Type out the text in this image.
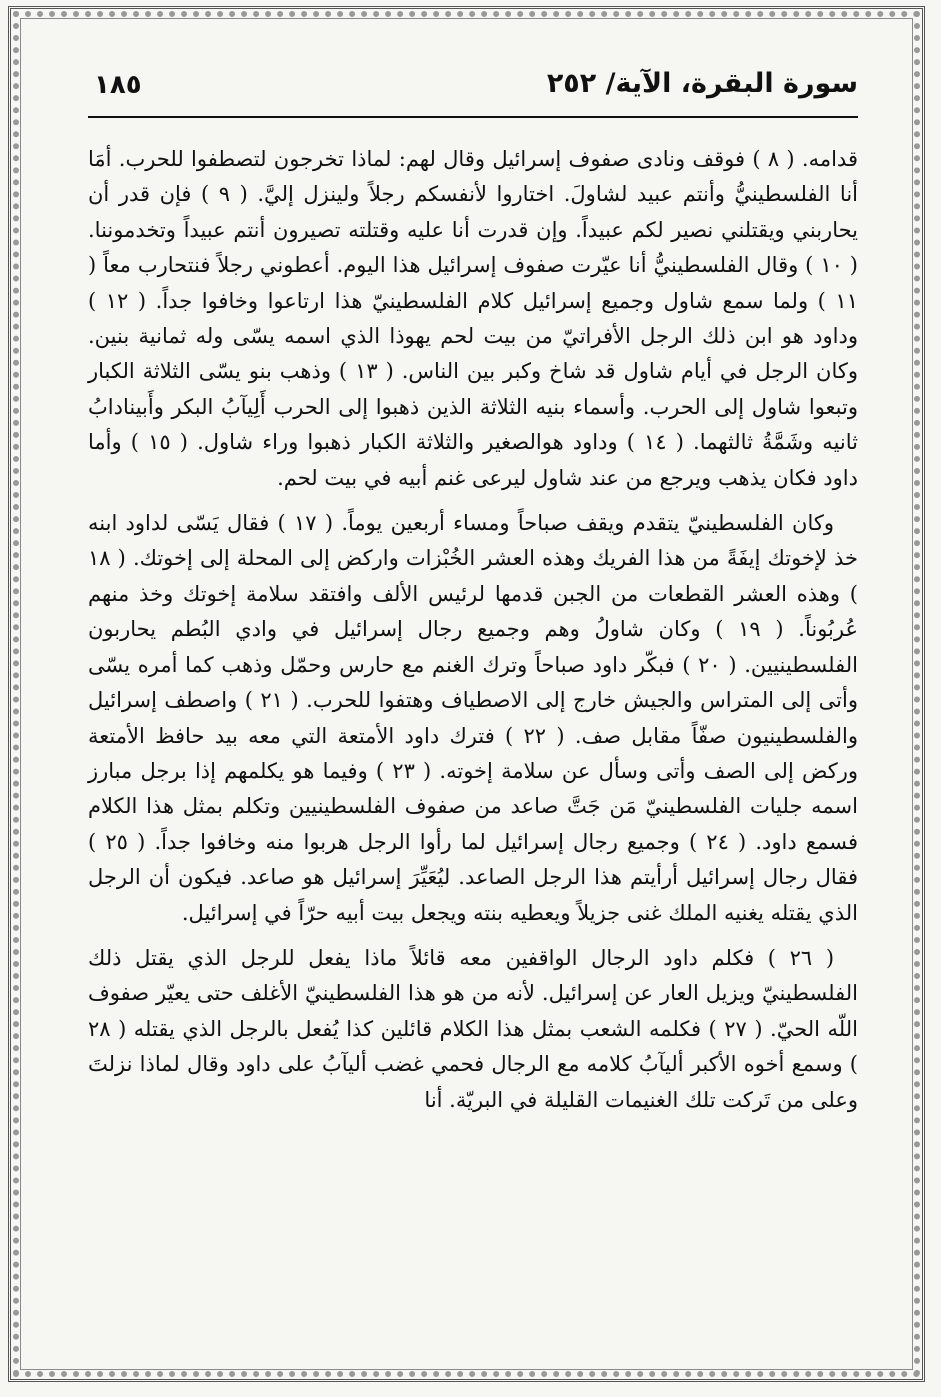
١٨٥	سورة البقرة، الآية/ ٢٥٢

قدامه. ( ٨ ) فوقف ونادى صفوف إسرائيل وقال لهم: لماذا تخرجون لتصطفوا للحرب. أمَا أنا الفلسطينيُّ وأنتم عبيد لشاولَ. اختاروا لأنفسكم رجلاً ولينزل إليَّ. ( ٩ ) فإن قدر أن يحاربني ويقتلني نصير لكم عبيداً. وإن قدرت أنا عليه وقتلته تصيرون أنتم عبيداً وتخدموننا. ( ١٠ ) وقال الفلسطينيُّ أنا عيّرت صفوف إسرائيل هذا اليوم. أعطوني رجلاً فنتحارب معاً ( ١١ ) ولما سمع شاول وجميع إسرائيل كلام الفلسطينيّ هذا ارتاعوا وخافوا جداً. ( ١٢ ) وداود هو ابن ذلك الرجل الأفراتيّ من بيت لحم يهوذا الذي اسمه يسّى وله ثمانية بنين. وكان الرجل في أيام شاول قد شاخ وكبر بين الناس. ( ١٣ ) وذهب بنو يسّى الثلاثة الكبار وتبعوا شاول إلى الحرب. وأسماء بنيه الثلاثة الذين ذهبوا إلى الحرب أَلِيآبُ البكر وأَبينادابُ ثانيه وشَمَّةُ ثالثهما. ( ١٤ ) وداود هوالصغير والثلاثة الكبار ذهبوا وراء شاول. ( ١٥ ) وأما داود فكان يذهب ويرجع من عند شاول ليرعى غنم أبيه في بيت لحم.

وكان الفلسطينيّ يتقدم ويقف صباحاً ومساء أربعين يوماً. ( ١٧ ) فقال يَسّى لداود ابنه خذ لإخوتك إيفَةً من هذا الفريك وهذه العشر الخُبْزات واركض إلى المحلة إلى إخوتك. ( ١٨ ) وهذه العشر القطعات من الجبن قدمها لرئيس الألف وافتقد سلامة إخوتك وخذ منهم عُربُوناً. ( ١٩ ) وكان شاولُ وهم وجميع رجال إسرائيل في وادي البُطم يحاربون الفلسطينيين. ( ٢٠ ) فبكّر داود صباحاً وترك الغنم مع حارس وحمّل وذهب كما أمره يسّى وأتى إلى المتراس والجيش خارج إلى الاصطياف وهتفوا للحرب. ( ٢١ ) واصطف إسرائيل والفلسطينيون صفّاً مقابل صف. ( ٢٢ ) فترك داود الأمتعة التي معه بيد حافظ الأمتعة وركض إلى الصف وأتى وسأل عن سلامة إخوته. ( ٢٣ ) وفيما هو يكلمهم إذا برجل مبارز اسمه جليات الفلسطينيّ مَن جَتَّ صاعد من صفوف الفلسطينيين وتكلم بمثل هذا الكلام فسمع داود. ( ٢٤ ) وجميع رجال إسرائيل لما رأوا الرجل هربوا منه وخافوا جداً. ( ٢٥ ) فقال رجال إسرائيل أرأيتم هذا الرجل الصاعد. ليُعَيِّرَ إسرائيل هو صاعد. فيكون أن الرجل الذي يقتله يغنيه الملك غنى جزيلاً ويعطيه بنته ويجعل بيت أبيه حرّاً في إسرائيل.

( ٢٦ ) فكلم داود الرجال الواقفين معه قائلاً ماذا يفعل للرجل الذي يقتل ذلك الفلسطينيّ ويزيل العار عن إسرائيل. لأنه من هو هذا الفلسطينيّ الأغلف حتى يعيّر صفوف اللّه الحيّ. ( ٢٧ ) فكلمه الشعب بمثل هذا الكلام قائلين كذا يُفعل بالرجل الذي يقتله ( ٢٨ ) وسمع أخوه الأكبر أليآبُ كلامه مع الرجال فحمي غضب أليآبُ على داود وقال لماذا نزلتَ وعلى من تَركت تلك الغنيمات القليلة في البريّة. أنا
